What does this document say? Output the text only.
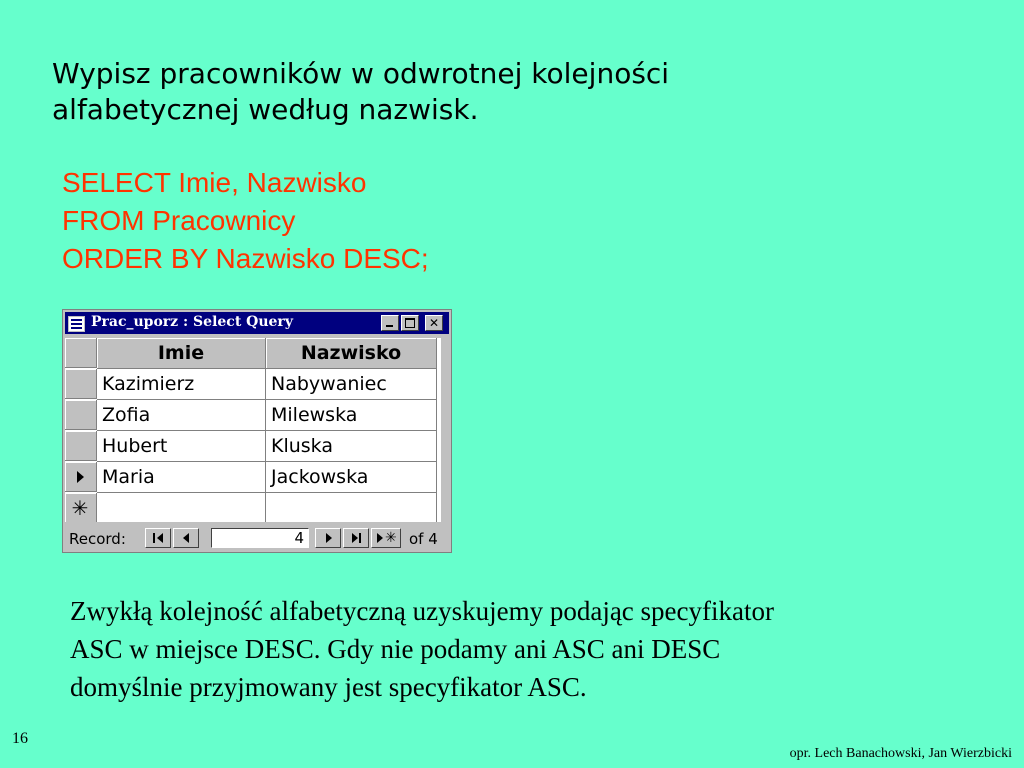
Wypisz pracowników w odwrotnej kolejności
alfabetycznej według nazwisk.
SELECT Imie, Nazwisko
FROM Pracownicy
ORDER BY Nazwisko DESC;
Prac_uporz : Select Query	✕
Imie	Nazwisko
Kazimierz	Nabywaniec
Zofia	Milewska
Hubert	Kluska
Maria	Jackowska
✳
Record:	4	✳ of 4
Zwykłą kolejność alfabetyczną uzyskujemy podając specyfikator
ASC w miejsce DESC. Gdy nie podamy ani ASC ani DESC
domyślnie przyjmowany jest specyfikator ASC.
16
opr. Lech Banachowski, Jan Wierzbicki
